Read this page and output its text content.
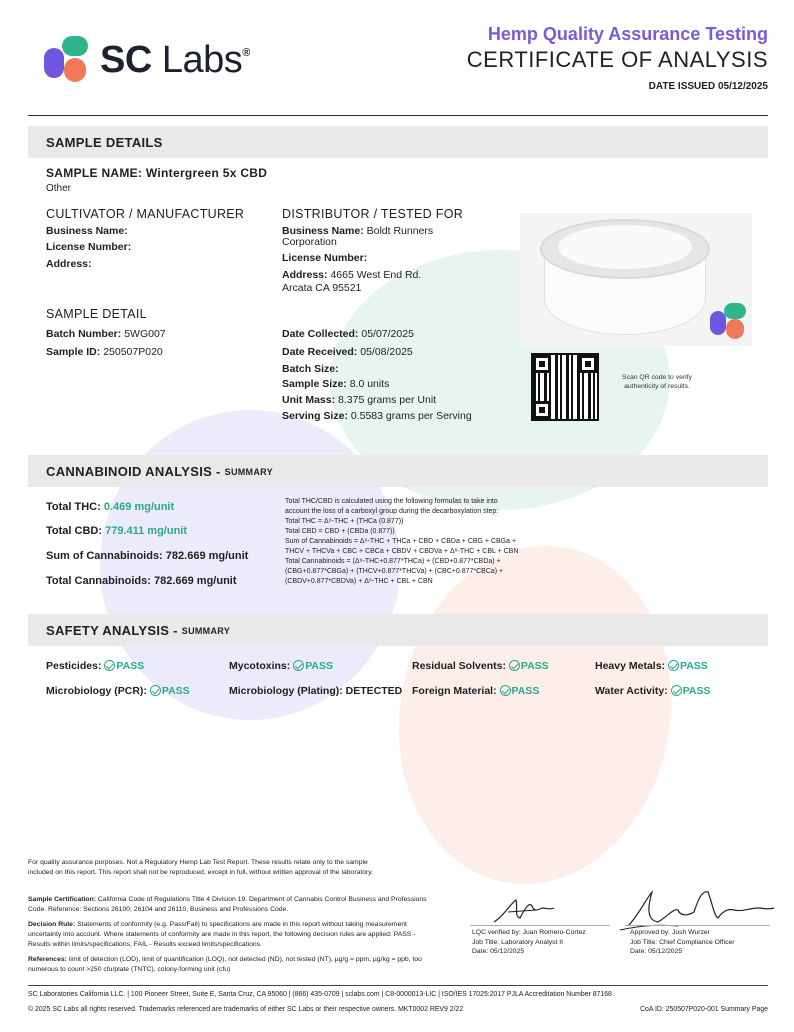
SC Labs®
Hemp Quality Assurance Testing
CERTIFICATE OF ANALYSIS
DATE ISSUED 05/12/2025
SAMPLE DETAILS
SAMPLE NAME: Wintergreen 5x CBD
Other
CULTIVATOR / MANUFACTURER
Business Name:
License Number:
Address:
DISTRIBUTOR / TESTED FOR
Business Name: Boldt Runners
Corporation
License Number:
Address: 4665 West End Rd.
Arcata CA 95521
SAMPLE DETAIL
Batch Number: 5WG007
Sample ID: 250507P020
Date Collected: 05/07/2025
Date Received: 05/08/2025
Batch Size:
Sample Size: 8.0 units
Unit Mass: 8.375 grams per Unit
Serving Size: 0.5583 grams per Serving
Scan QR code to verify authenticity of results.
CANNABINOID ANALYSIS - SUMMARY
Total THC: 0.469 mg/unit
Total CBD: 779.411 mg/unit
Sum of Cannabinoids: 782.669 mg/unit
Total Cannabinoids: 782.669 mg/unit
Total THC/CBD is calculated using the following formulas to take into
account the loss of a carboxyl group during the decarboxylation step:
Total THC = Δ⁹-THC + (THCa (0.877))
Total CBD = CBD + (CBDa (0.877))
Sum of Cannabinoids = Δ⁹-THC + THCa + CBD + CBDa + CBG + CBGa +
THCV + THCVa + CBC + CBCa + CBDV + CBDVa + Δ⁸-THC + CBL + CBN
Total Cannabinoids = (Δ⁹-THC+0.877*THCa) + (CBD+0.877*CBDa) +
(CBG+0.877*CBGa) + (THCV+0.877*THCVa) + (CBC+0.877*CBCa) +
(CBDV+0.877*CBDVa) + Δ⁸-THC + CBL + CBN
SAFETY ANALYSIS - SUMMARY
Pesticides: PASS	Mycotoxins: PASS	Residual Solvents: PASS	Heavy Metals: PASS
Microbiology (PCR): PASS	Microbiology (Plating): DETECTED Foreign Material: PASS	Water Activity: PASS
For quality assurance purposes. Not a Regulatory Hemp Lab Test Report. These results relate only to the sample included on this report. This report shall not be reproduced, except in full, without written approval of the laboratory.
Sample Certification: California Code of Regulations Title 4 Division 19. Department of Cannabis Control Business and Professions Code. Reference: Sections 26100, 26104 and 26110, Business and Professions Code.
Decision Rule: Statements of conformity (e.g. Pass/Fail) to specifications are made in this report without taking measurement uncertainty into account. Where statements of conformity are made in this report, the following decision rules are applied: PASS - Results within limits/specifications, FAIL - Results exceed limits/specifications.
References: limit of detection (LOD), limit of quantification (LOQ), not detected (ND), not tested (NT), µg/g = ppm, µg/kg = ppb, too numerous to count >250 cfu/plate (TNTC), colony-forming unit (cfu)
LQC verified by: Juan Romero-Cortez
Job Title: Laboratory Analyst II
Date: 05/12/2025
Approved by: Josh Wurzer
Job Title: Chief Compliance Officer
Date: 05/12/2025
SC Laboratories California LLC. | 100 Pioneer Street, Suite E, Santa Cruz, CA 95060 | (866) 435-0709 | sclabs.com | C8-0000013-LIC | ISO/IES 17025:2017 PJLA Accreditation Number 87168
© 2025 SC Labs all rights reserved. Trademarks referenced are trademarks of either SC Labs or their respective owners. MKT0002 REV9 2/22	CoA ID: 250507P020-001 Summary Page
